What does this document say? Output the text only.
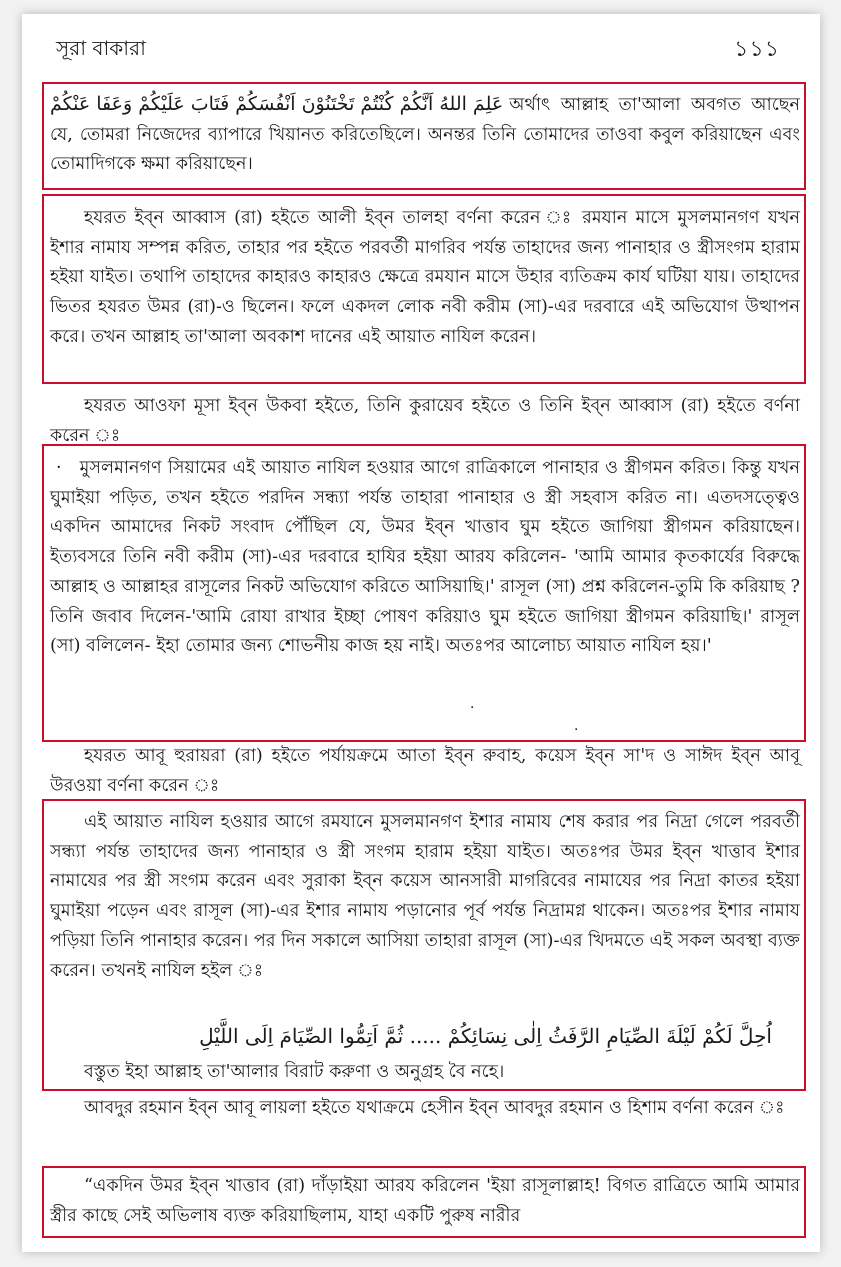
সূরা বাকারা	১১১

عَلِمَ اللهُ اَنَّكُمْ كُنْتُمْ تَخْتَنُوْنَ اَنْفُسَكُمْ فَتَابَ عَلَيْكُمْ وَعَفَا عَنْكُمْ অর্থাৎ আল্লাহ তা'আলা অবগত আছেন যে, তোমরা নিজেদের ব্যাপারে খিয়ানত করিতেছিলে। অনন্তর তিনি তোমাদের তাওবা কবুল করিয়াছেন এবং তোমাদিগকে ক্ষমা করিয়াছেন।

হযরত ইব্‌ন আব্বাস (রা) হইতে আলী ইব্‌ন তালহা বর্ণনা করেন ঃ রমযান মাসে মুসলমানগণ যখন ইশার নামায সম্পন্ন করিত, তাহার পর হইতে পরবর্তী মাগরিব পর্যন্ত তাহাদের জন্য পানাহার ও স্ত্রীসংগম হারাম হইয়া যাইত। তথাপি তাহাদের কাহারও কাহারও ক্ষেত্রে রমযান মাসে উহার ব্যতিক্রম কার্য ঘটিয়া যায়। তাহাদের ভিতর হযরত উমর (রা)-ও ছিলেন। ফলে একদল লোক নবী করীম (সা)-এর দরবারে এই অভিযোগ উত্থাপন করে। তখন আল্লাহ তা'আলা অবকাশ দানের এই আয়াত নাযিল করেন।

হযরত আওফা মূসা ইব্‌ন উকবা হইতে, তিনি কুরায়েব হইতে ও তিনি ইব্‌ন আব্বাস (রা) হইতে বর্ণনা করেন ঃ

· মুসলমানগণ সিয়ামের এই আয়াত নাযিল হওয়ার আগে রাত্রিকালে পানাহার ও স্ত্রীগমন করিত। কিন্তু যখন ঘুমাইয়া পড়িত, তখন হইতে পরদিন সন্ধ্যা পর্যন্ত তাহারা পানাহার ও স্ত্রী সহবাস করিত না। এতদসত্ত্বেও একদিন আমাদের নিকট সংবাদ পৌঁছিল যে, উমর ইব্‌ন খাত্তাব ঘুম হইতে জাগিয়া স্ত্রীগমন করিয়াছেন। ইত্যবসরে তিনি নবী করীম (সা)-এর দরবারে হাযির হইয়া আরয করিলেন- 'আমি আমার কৃতকার্যের বিরুদ্ধে আল্লাহ ও আল্লাহর রাসূলের নিকট অভিযোগ করিতে আসিয়াছি।' রাসূল (সা) প্রশ্ন করিলেন-তুমি কি করিয়াছ ? তিনি জবাব দিলেন-'আমি রোযা রাখার ইচ্ছা পোষণ করিয়াও ঘুম হইতে জাগিয়া স্ত্রীগমন করিয়াছি।' রাসূল (সা) বলিলেন- ইহা তোমার জন্য শোভনীয় কাজ হয় নাই। অতঃপর আলোচ্য আয়াত নাযিল হয়।'

·
·

হযরত আবূ হুরায়রা (রা) হইতে পর্যায়ক্রমে আতা ইব্‌ন রুবাহ, কয়েস ইব্‌ন সা'দ ও সাঈদ ইব্‌ন আবূ উরওয়া বর্ণনা করেন ঃ

এই আয়াত নাযিল হওয়ার আগে রমযানে মুসলমানগণ ইশার নামায শেষ করার পর নিদ্রা গেলে পরবর্তী সন্ধ্যা পর্যন্ত তাহাদের জন্য পানাহার ও স্ত্রী সংগম হারাম হইয়া যাইত। অতঃপর উমর ইব্‌ন খাত্তাব ইশার নামাযের পর স্ত্রী সংগম করেন এবং সুরাকা ইব্‌ন কয়েস আনসারী মাগরিবের নামাযের পর নিদ্রা কাতর হইয়া ঘুমাইয়া পড়েন এবং রাসূল (সা)-এর ইশার নামায পড়ানোর পূর্ব পর্যন্ত নিদ্রামগ্ন থাকেন। অতঃপর ইশার নামায পড়িয়া তিনি পানাহার করেন। পর দিন সকালে আসিয়া তাহারা রাসূল (সা)-এর খিদমতে এই সকল অবস্থা ব্যক্ত করেন। তখনই নাযিল হইল ঃ

اُحِلَّ لَكُمْ لَيْلَةَ الصِّيَامِ الرَّفَثُ اِلٰى نِسَائِكُمْ ..... ثُمَّ اَتِمُّوا الصِّيَامَ اِلَى اللَّيْلِ

বস্তুত ইহা আল্লাহ তা'আলার বিরাট করুণা ও অনুগ্রহ বৈ নহে।

আবদুর রহমান ইব্‌ন আবূ লায়লা হইতে যথাক্রমে হেসীন ইব্‌ন আবদুর রহমান ও হিশাম বর্ণনা করেন ঃ

“একদিন উমর ইব্‌ন খাত্তাব (রা) দাঁড়াইয়া আরয করিলেন 'ইয়া রাসূলাল্লাহ! বিগত রাত্রিতে আমি আমার স্ত্রীর কাছে সেই অভিলাষ ব্যক্ত করিয়াছিলাম, যাহা একটি পুরুষ নারীর
